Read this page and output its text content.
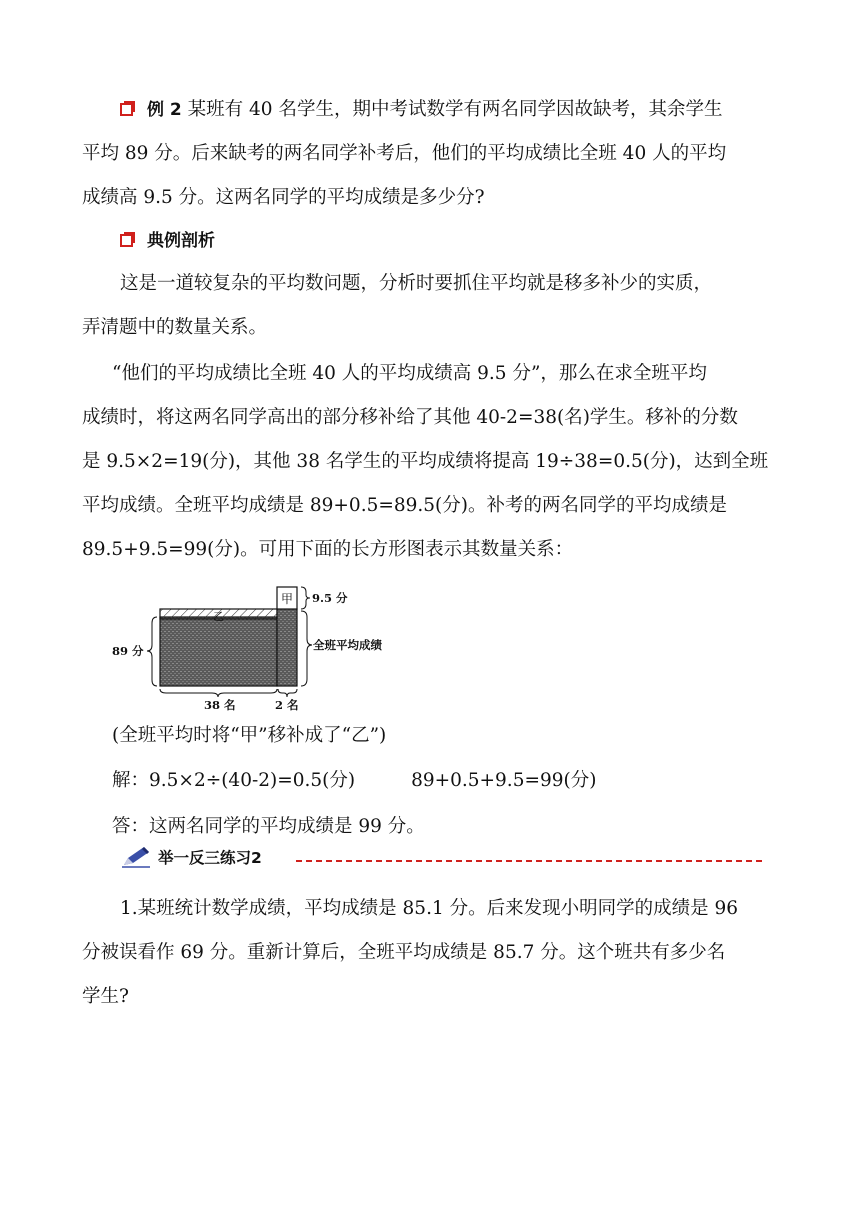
例 2 某班有 40 名学生，期中考试数学有两名同学因故缺考，其余学生
平均 89 分。后来缺考的两名同学补考后，他们的平均成绩比全班 40 人的平均
成绩高 9.5 分。这两名同学的平均成绩是多少分?
典例剖析
这是一道较复杂的平均数问题，分析时要抓住平均就是移多补少的实质，
弄清题中的数量关系。
“他们的平均成绩比全班 40 人的平均成绩高 9.5 分”，那么在求全班平均
成绩时，将这两名同学高出的部分移补给了其他 40-2=38(名)学生。移补的分数
是 9.5×2=19(分)，其他 38 名学生的平均成绩将提高 19÷38=0.5(分)，达到全班
平均成绩。全班平均成绩是 89+0.5=89.5(分)。补考的两名同学的平均成绩是
89.5+9.5=99(分)。可用下面的长方形图表示其数量关系：
甲
乙
9.5 分
全班平均成绩
89 分
38 名	2 名
(全班平均时将“甲”移补成了“乙”)
解：9.5×2÷(40-2)=0.5(分)	89+0.5+9.5=99(分)
答：这两名同学的平均成绩是 99 分。
举一反三练习2
1.某班统计数学成绩，平均成绩是 85.1 分。后来发现小明同学的成绩是 96
分被误看作 69 分。重新计算后，全班平均成绩是 85.7 分。这个班共有多少名
学生?
